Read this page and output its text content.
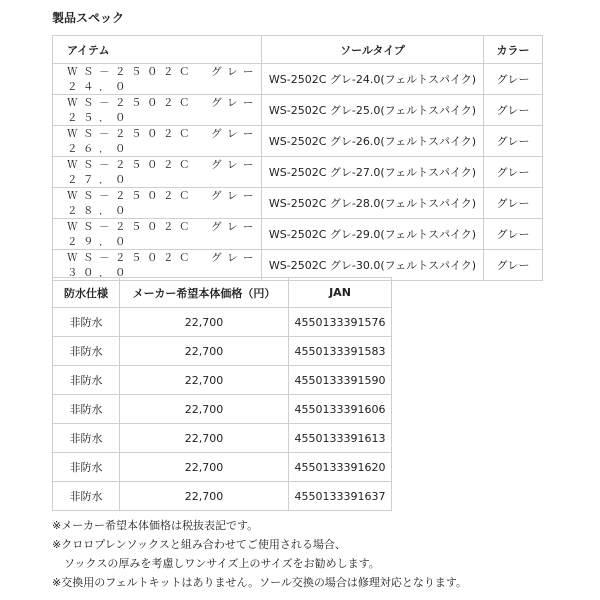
製品スペック
アイテム	ソールタイプ	カラー
ＷＳ－２５０２Ｃ　グレー　２４．０	WS-2502C グレ-24.0(フェルトスパイク)	グレー
ＷＳ－２５０２Ｃ　グレー　２５．０	WS-2502C グレ-25.0(フェルトスパイク)	グレー
ＷＳ－２５０２Ｃ　グレー　２６．０	WS-2502C グレ-26.0(フェルトスパイク)	グレー
ＷＳ－２５０２Ｃ　グレー　２７．０	WS-2502C グレ-27.0(フェルトスパイク)	グレー
ＷＳ－２５０２Ｃ　グレー　２８．０	WS-2502C グレ-28.0(フェルトスパイク)	グレー
ＷＳ－２５０２Ｃ　グレー　２９．０	WS-2502C グレ-29.0(フェルトスパイク)	グレー
ＷＳ－２５０２Ｃ　グレー　３０．０	WS-2502C グレ-30.0(フェルトスパイク)	グレー
防水仕様	メーカー希望本体価格（円）	JAN
非防水	22,700	4550133391576
非防水	22,700	4550133391583
非防水	22,700	4550133391590
非防水	22,700	4550133391606
非防水	22,700	4550133391613
非防水	22,700	4550133391620
非防水	22,700	4550133391637
※メーカー希望本体価格は税抜表記です。
※クロロプレンソックスと組み合わせてご使用される場合、
ソックスの厚みを考慮しワンサイズ上のサイズをお勧めします。
※交換用のフェルトキットはありません。ソール交換の場合は修理対応となります。
